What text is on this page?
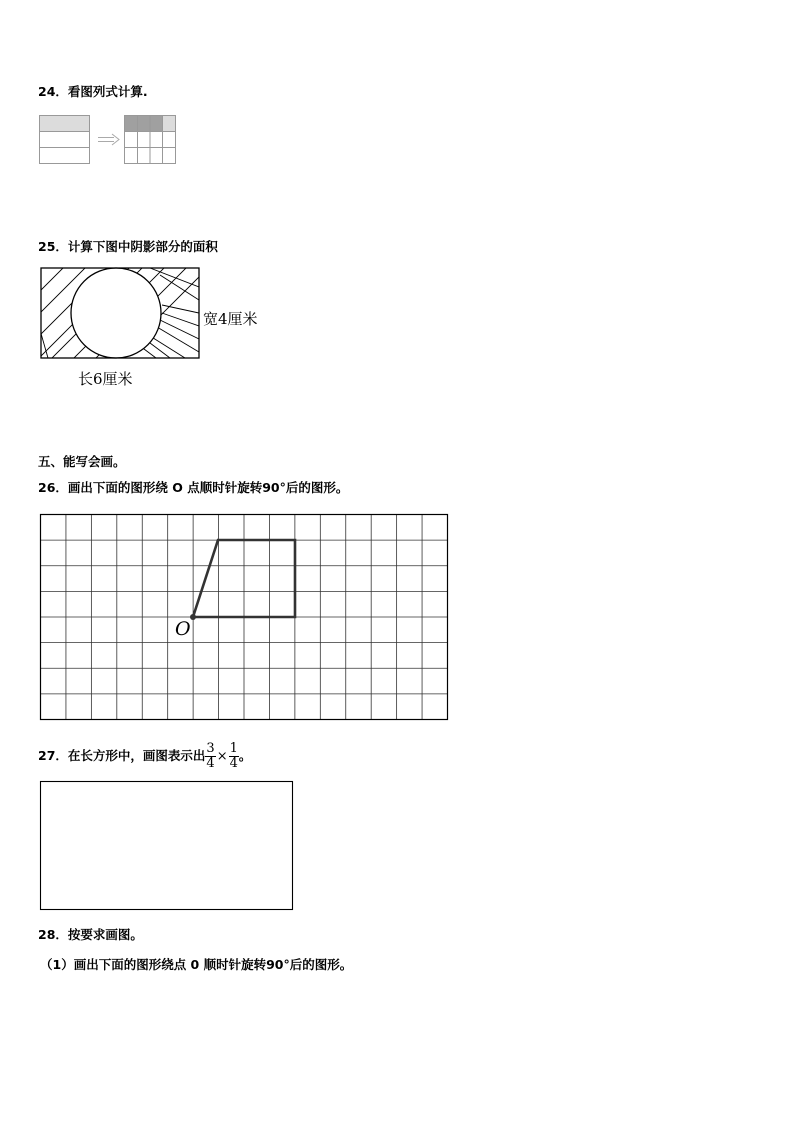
24．看图列式计算.
25．计算下图中阴影部分的面积
宽4厘米
长6厘米
五、能写会画。
26．画出下面的图形绕 O 点顺时针旋转90°后的图形。
O
27．在长方形中，画图表示出 $\frac{3}{4} \times \frac{1}{4}$ 。
28．按要求画图。
（1）画出下面的图形绕点 0 顺时针旋转90°后的图形。
